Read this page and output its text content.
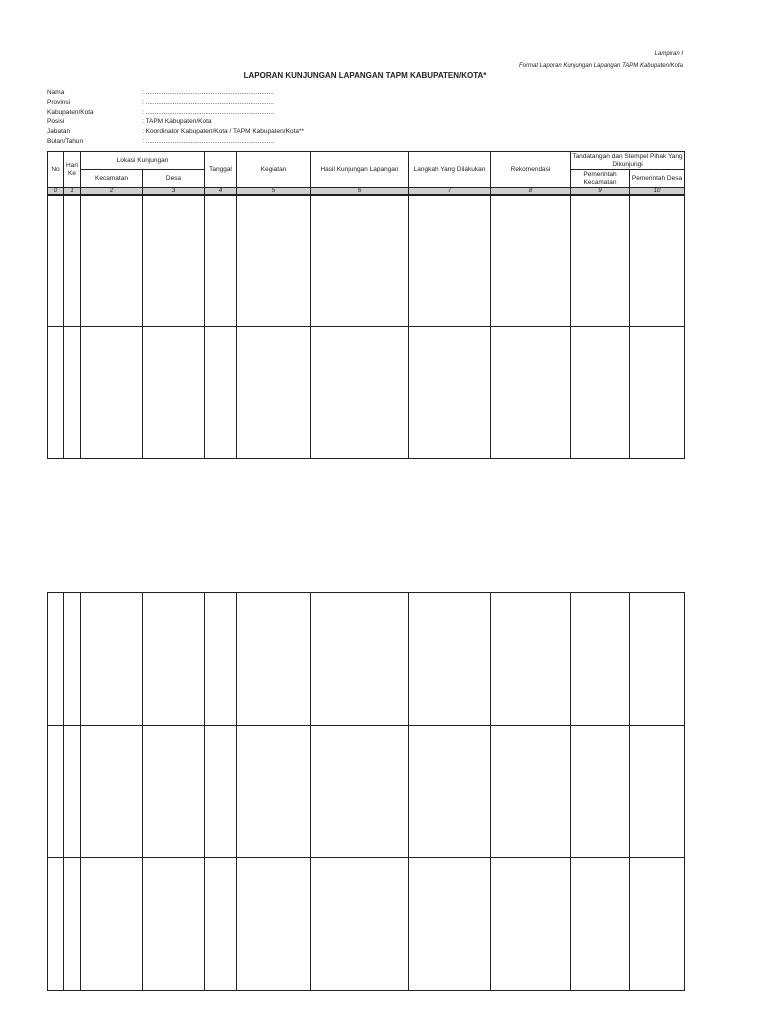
Lampiran I
Format Laporan Kunjungan Lapangan TAPM Kabupaten/Kota
LAPORAN KUNJUNGAN LAPANGAN TAPM KABUPATEN/KOTA*
Nama	: .......................................................................
Provinsi	: .......................................................................
Kabupaten/Kota	: .......................................................................
Posisi	: TAPM Kabupaten/Kota
Jabatan	: Koordinator Kabupaten/Kota / TAPM Kabupaten/Kota**
Bulan/Tahun	: .......................................................................
No	Hari Ke	Lokasi Kunjungan		Tanggal	Kegiatan	Hasil Kunjungan Lapangan	Langkah Yang Dilakukan	Rekomendasi	Tandatangan dan Stempel Pihak Yang Dikunjungi	
		Kecamatan	Desa						Pemerintah Kecamatan	Pemerintah Desa
0	1	2	3	4	5	6	7	8	9	10
